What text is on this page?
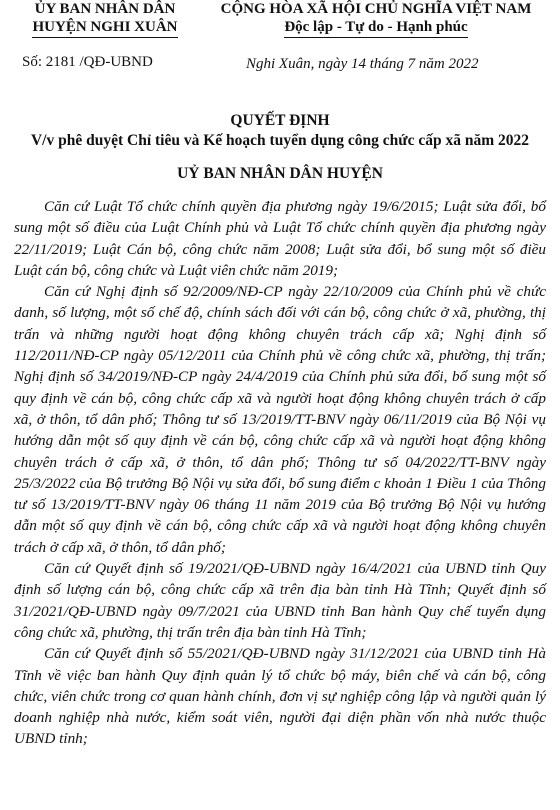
ỦY BAN NHÂN DÂN
HUYỆN NGHI XUÂN
CỘNG HÒA XÃ HỘI CHỦ NGHĨA VIỆT NAM
Độc lập - Tự do - Hạnh phúc
Số: 2181 /QĐ-UBND	Nghi Xuân, ngày 14 tháng 7 năm 2022
QUYẾT ĐỊNH
V/v phê duyệt Chỉ tiêu và Kế hoạch tuyển dụng công chức cấp xã năm 2022
UỶ BAN NHÂN DÂN HUYỆN

Căn cứ Luật Tổ chức chính quyền địa phương ngày 19/6/2015; Luật sửa đổi, bổ sung một số điều của Luật Chính phủ và Luật Tổ chức chính quyền địa phương ngày 22/11/2019; Luật Cán bộ, công chức năm 2008; Luật sửa đổi, bổ sung một số điều Luật cán bộ, công chức và Luật viên chức năm 2019;

Căn cứ Nghị định số 92/2009/NĐ-CP ngày 22/10/2009 của Chính phủ về chức danh, số lượng, một số chế độ, chính sách đối với cán bộ, công chức ở xã, phường, thị trấn và những người hoạt động không chuyên trách cấp xã; Nghị định số 112/2011/NĐ-CP ngày 05/12/2011 của Chính phủ về công chức xã, phường, thị trấn; Nghị định số 34/2019/NĐ-CP ngày 24/4/2019 của Chính phủ sửa đổi, bổ sung một số quy định về cán bộ, công chức cấp xã và người hoạt động không chuyên trách ở cấp xã, ở thôn, tổ dân phố; Thông tư số 13/2019/TT-BNV ngày 06/11/2019 của Bộ Nội vụ hướng dẫn một số quy định về cán bộ, công chức cấp xã và người hoạt động không chuyên trách ở cấp xã, ở thôn, tổ dân phố; Thông tư số 04/2022/TT-BNV ngày 25/3/2022 của Bộ trưởng Bộ Nội vụ sửa đổi, bổ sung điểm c khoản 1 Điều 1 của Thông tư số 13/2019/TT-BNV ngày 06 tháng 11 năm 2019 của Bộ trưởng Bộ Nội vụ hướng dẫn một số quy định về cán bộ, công chức cấp xã và người hoạt động không chuyên trách ở cấp xã, ở thôn, tổ dân phố;

Căn cứ Quyết định số 19/2021/QĐ-UBND ngày 16/4/2021 của UBND tỉnh Quy định số lượng cán bộ, công chức cấp xã trên địa bàn tỉnh Hà Tĩnh; Quyết định số 31/2021/QĐ-UBND ngày 09/7/2021 của UBND tỉnh Ban hành Quy chế tuyển dụng công chức xã, phường, thị trấn trên địa bàn tỉnh Hà Tĩnh;

Căn cứ Quyết định số 55/2021/QĐ-UBND ngày 31/12/2021 của UBND tỉnh Hà Tĩnh về việc ban hành Quy định quản lý tổ chức bộ máy, biên chế và cán bộ, công chức, viên chức trong cơ quan hành chính, đơn vị sự nghiệp công lập và người quản lý doanh nghiệp nhà nước, kiểm soát viên, người đại diện phần vốn nhà nước thuộc UBND tỉnh;
